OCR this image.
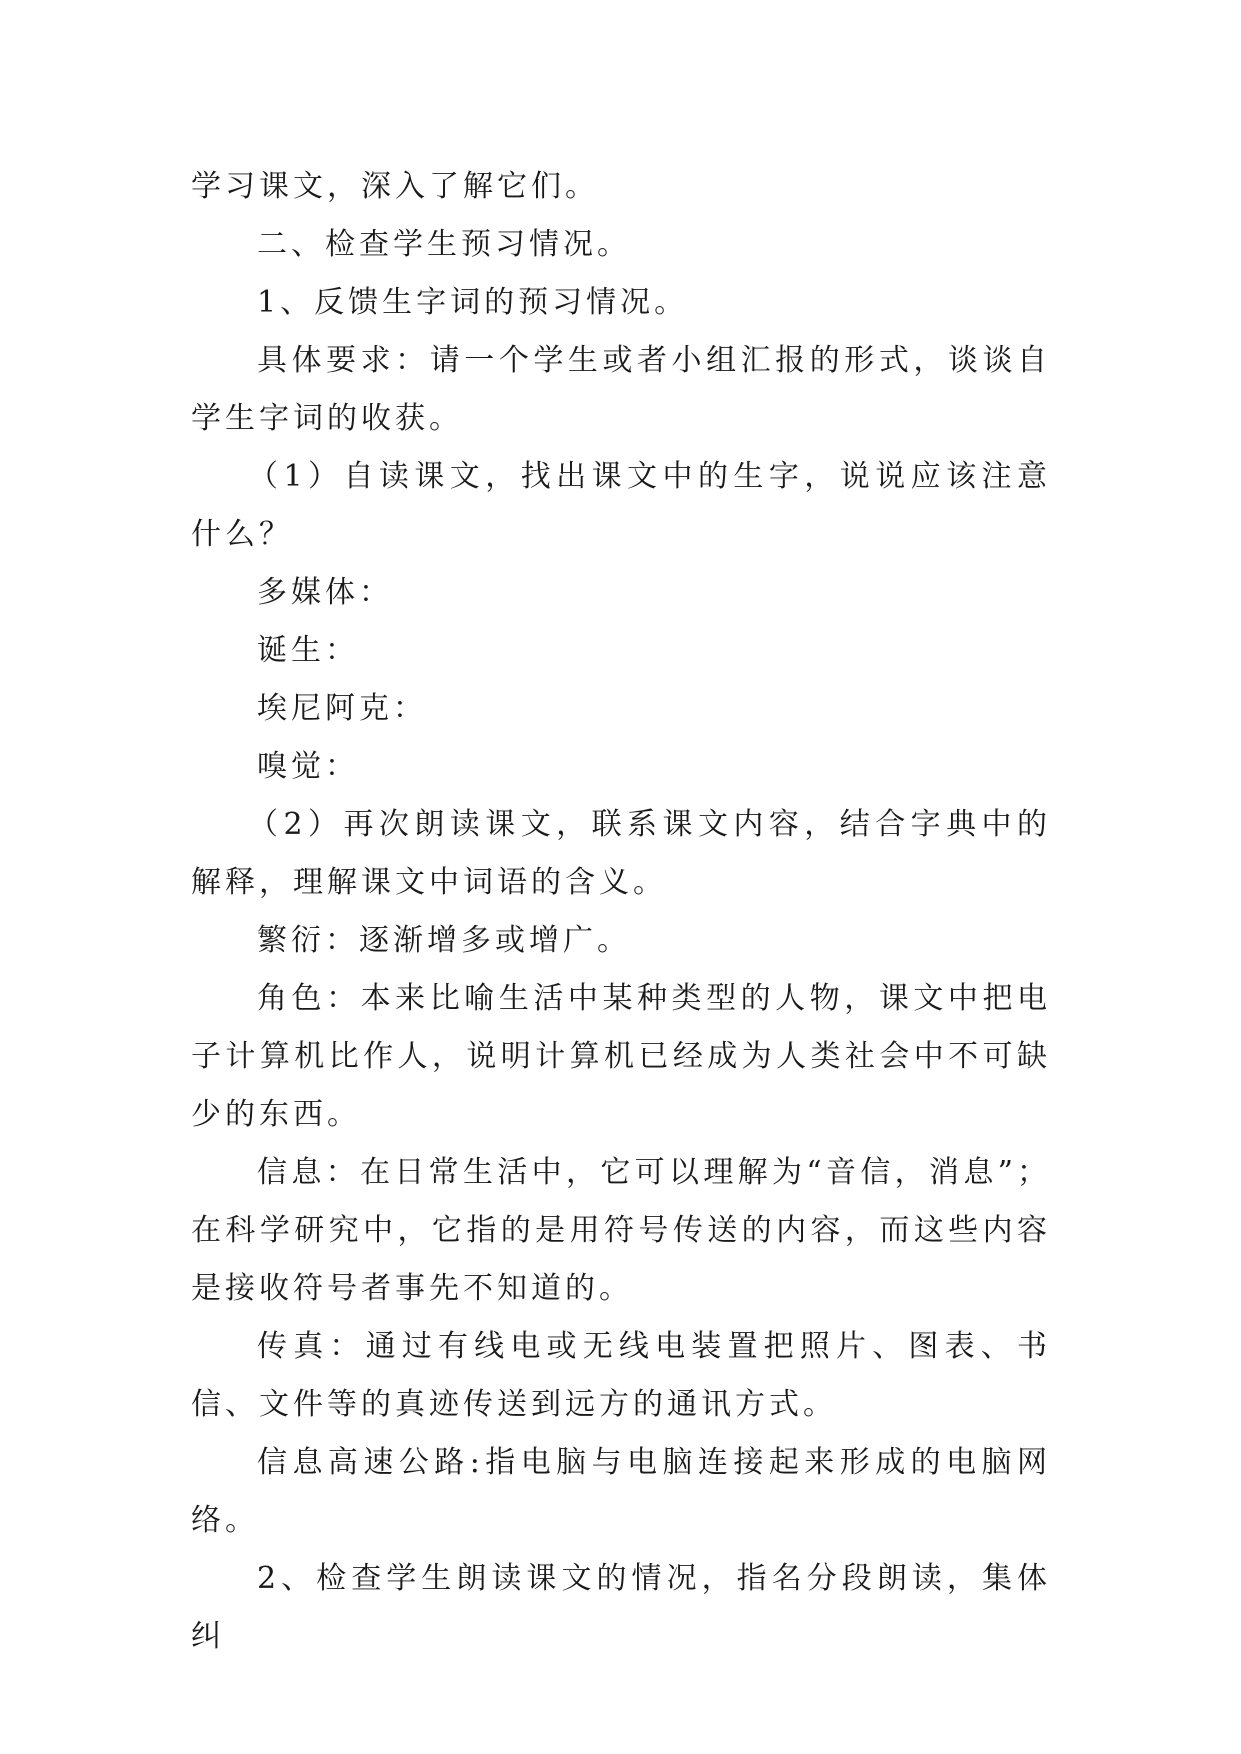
学习课文，深入了解它们。

二、检查学生预习情况。

1、反馈生字词的预习情况。

具体要求：请一个学生或者小组汇报的形式，谈谈自学生字词的收获。

（1）自读课文，找出课文中的生字，说说应该注意什么？

多媒体：

诞生：

埃尼阿克：

嗅觉：

（2）再次朗读课文，联系课文内容，结合字典中的解释，理解课文中词语的含义。

繁衍：逐渐增多或增广。

角色：本来比喻生活中某种类型的人物，课文中把电子计算机比作人，说明计算机已经成为人类社会中不可缺少的东西。

信息：在日常生活中，它可以理解为“音信，消息”；在科学研究中，它指的是用符号传送的内容，而这些内容是接收符号者事先不知道的。

传真：通过有线电或无线电装置把照片、图表、书信、文件等的真迹传送到远方的通讯方式。

信息高速公路:指电脑与电脑连接起来形成的电脑网络。

2、检查学生朗读课文的情况，指名分段朗读，集体纠
